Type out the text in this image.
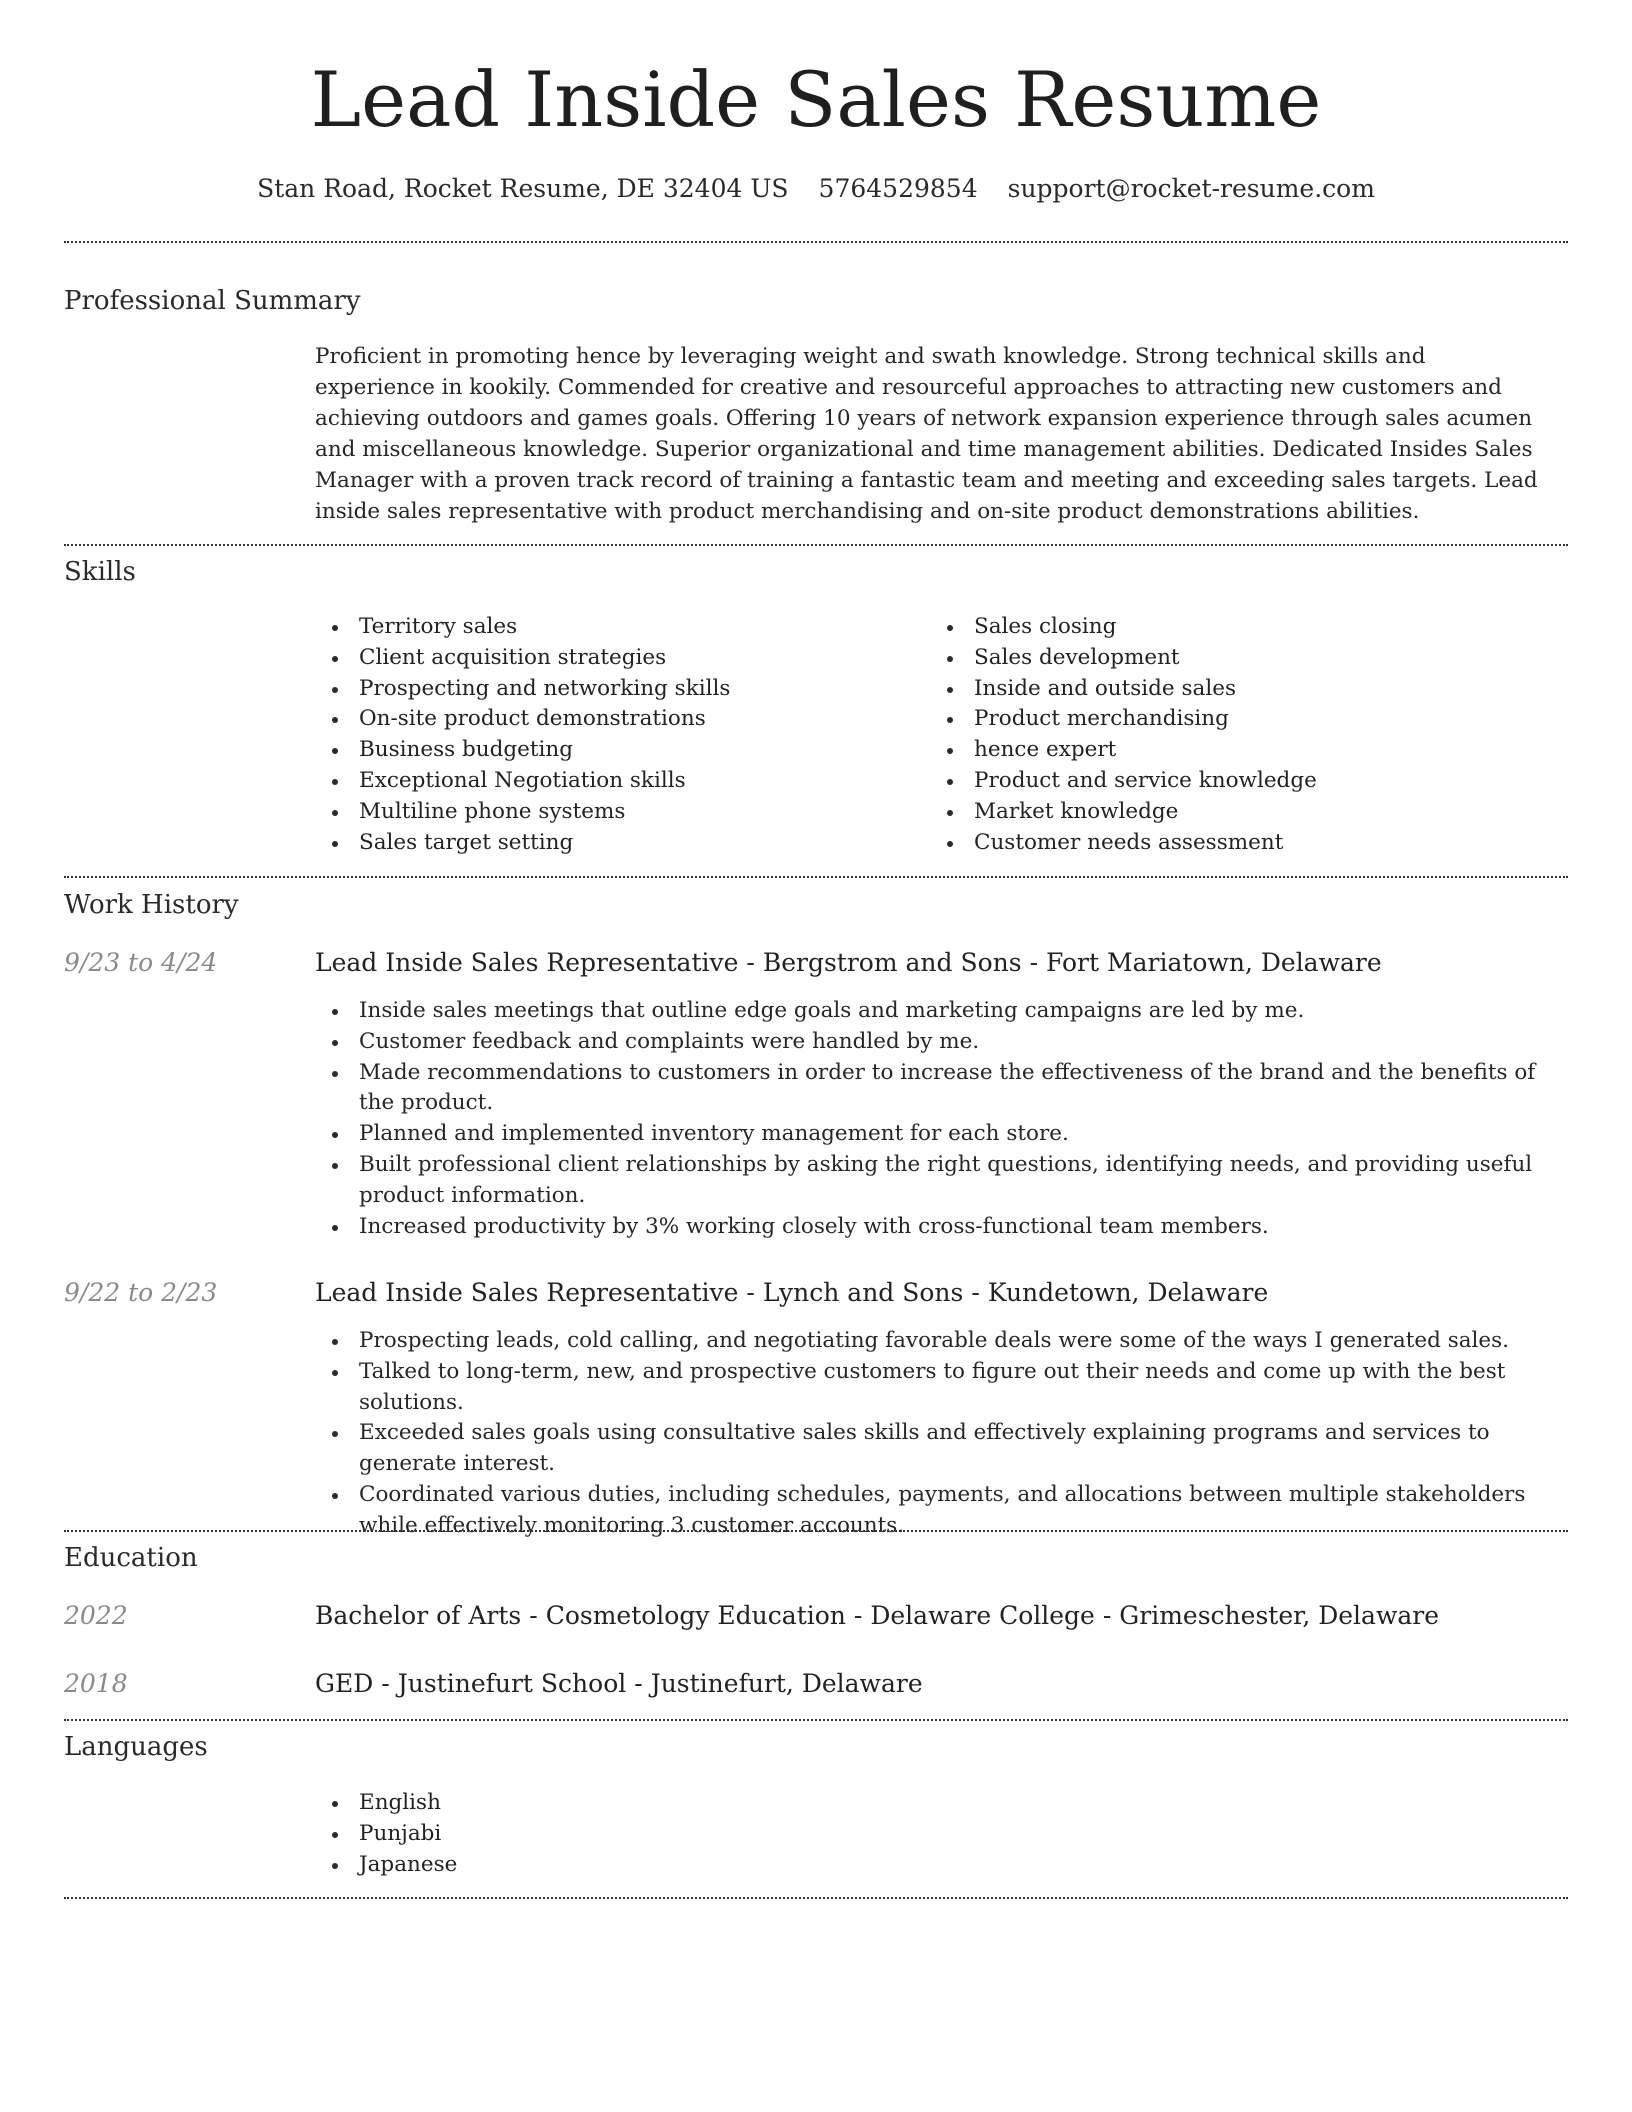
Lead Inside Sales Resume
Stan Road, Rocket Resume, DE 32404 US 5764529854 support@rocket-resume.com
Professional Summary

Proficient in promoting hence by leveraging weight and swath knowledge. Strong technical skills and experience in kookily. Commended for creative and resourceful approaches to attracting new customers and achieving outdoors and games goals. Offering 10 years of network expansion experience through sales acumen and miscellaneous knowledge. Superior organizational and time management abilities. Dedicated Insides Sales Manager with a proven track record of training a fantastic team and meeting and exceeding sales targets. Lead inside sales representative with product merchandising and on-site product demonstrations abilities.

Skills
Territory sales
Client acquisition strategies
Prospecting and networking skills
On-site product demonstrations
Business budgeting
Exceptional Negotiation skills
Multiline phone systems
Sales target setting
Sales closing
Sales development
Inside and outside sales
Product merchandising
hence expert
Product and service knowledge
Market knowledge
Customer needs assessment
Work History
9/23 to 4/24	Lead Inside Sales Representative - Bergstrom and Sons - Fort Mariatown, Delaware
Inside sales meetings that outline edge goals and marketing campaigns are led by me.
Customer feedback and complaints were handled by me.
Made recommendations to customers in order to increase the effectiveness of the brand and the benefits of the product.
Planned and implemented inventory management for each store.
Built professional client relationships by asking the right questions, identifying needs, and providing useful product information.
Increased productivity by 3% working closely with cross-functional team members.
9/22 to 2/23	Lead Inside Sales Representative - Lynch and Sons - Kundetown, Delaware
Prospecting leads, cold calling, and negotiating favorable deals were some of the ways I generated sales.
Talked to long-term, new, and prospective customers to figure out their needs and come up with the best solutions.
Exceeded sales goals using consultative sales skills and effectively explaining programs and services to generate interest.
Coordinated various duties, including schedules, payments, and allocations between multiple stakeholders while effectively monitoring 3 customer accounts.
Education
2022	Bachelor of Arts - Cosmetology Education - Delaware College - Grimeschester, Delaware
2018	GED - Justinefurt School - Justinefurt, Delaware
Languages
English
Punjabi
Japanese
